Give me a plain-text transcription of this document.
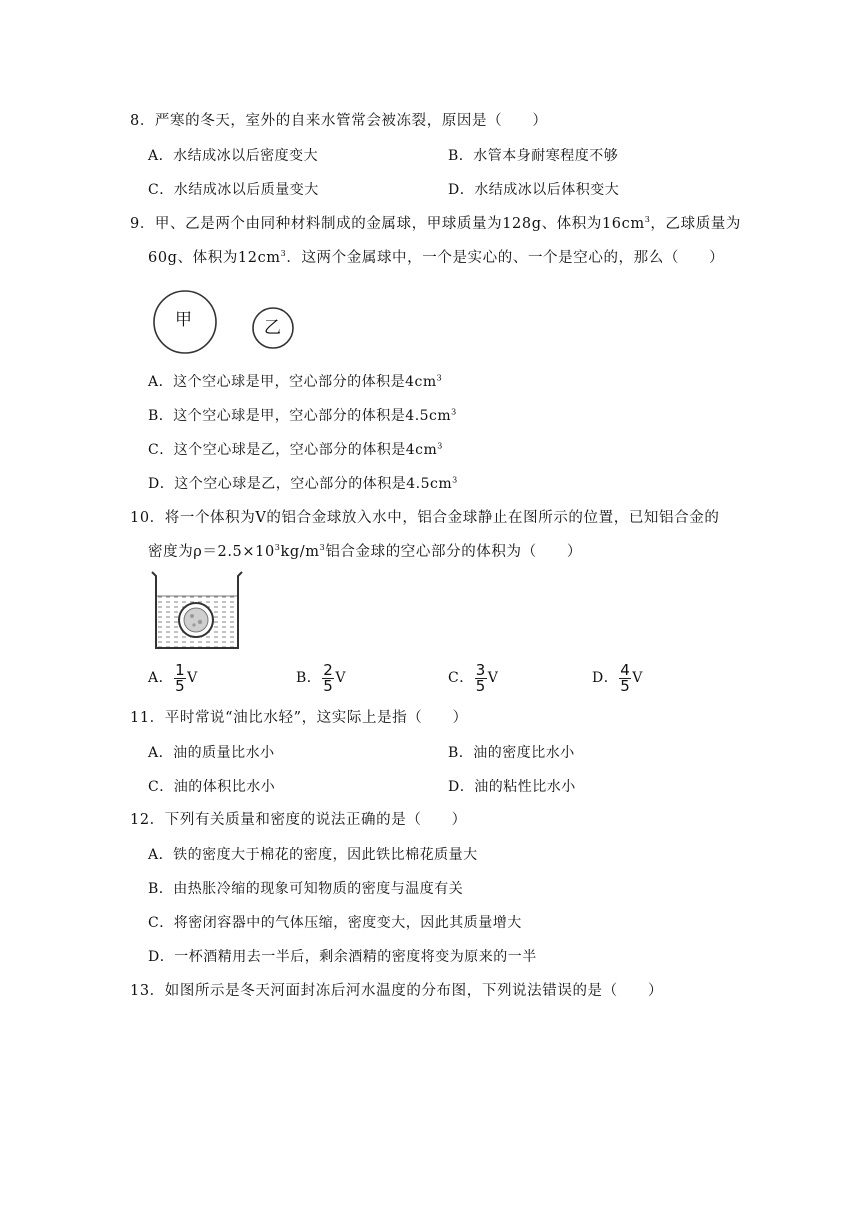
8．严寒的冬天，室外的自来水管常会被冻裂，原因是（　　）
A．水结成冰以后密度变大	B．水管本身耐寒程度不够
C．水结成冰以后质量变大	D．水结成冰以后体积变大
9．甲、乙是两个由同种材料制成的金属球，甲球质量为128g、体积为$16cm^3$，乙球质量为
60g、体积为$12cm^3$．这两个金属球中，一个是实心的、一个是空心的，那么（　　）
甲	乙
A．这个空心球是甲，空心部分的体积是$4cm^3$
B．这个空心球是甲，空心部分的体积是$4.5cm^3$
C．这个空心球是乙，空心部分的体积是$4cm^3$
D．这个空心球是乙，空心部分的体积是$4.5cm^3$
10．将一个体积为V的铝合金球放入水中，铝合金球静止在图所示的位置，已知铝合金的
密度为$\rho=2.5\times 10^3kg/m^3$铝合金球的空心部分的体积为（　　）
A． $\frac{1}{5}$ V	B． $\frac{2}{5}$ V	C． $\frac{3}{5}$ V	D． $\frac{4}{5}$ V
11．平时常说“油比水轻”，这实际上是指（　　）
A．油的质量比水小	B．油的密度比水小
C．油的体积比水小	D．油的粘性比水小
12．下列有关质量和密度的说法正确的是（　　）
A．铁的密度大于棉花的密度，因此铁比棉花质量大
B．由热胀冷缩的现象可知物质的密度与温度有关
C．将密闭容器中的气体压缩，密度变大，因此其质量增大
D．一杯酒精用去一半后，剩余酒精的密度将变为原来的一半
13．如图所示是冬天河面封冻后河水温度的分布图，下列说法错误的是（　　）
